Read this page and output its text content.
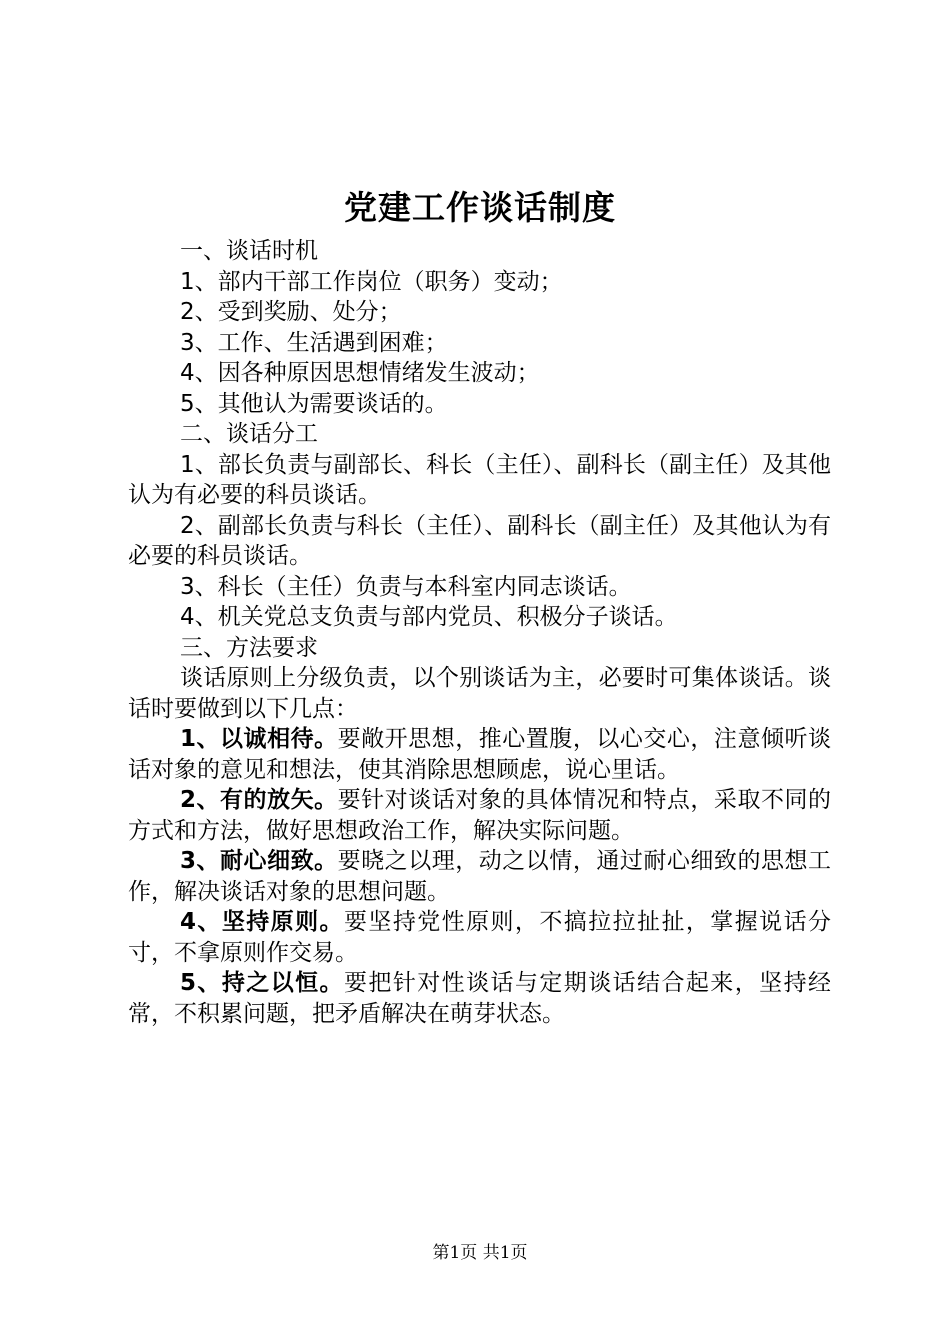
党建工作谈话制度

一、谈话时机

1、部内干部工作岗位（职务）变动；

2、受到奖励、处分；

3、工作、生活遇到困难；

4、因各种原因思想情绪发生波动；

5、其他认为需要谈话的。

二、谈话分工

1、部长负责与副部长、科长（主任）、副科长（副主任）及其他认为有必要的科员谈话。

2、副部长负责与科长（主任）、副科长（副主任）及其他认为有必要的科员谈话。

3、科长（主任）负责与本科室内同志谈话。

4、机关党总支负责与部内党员、积极分子谈话。

三、方法要求

谈话原则上分级负责，以个别谈话为主，必要时可集体谈话。谈话时要做到以下几点：

1、以诚相待。要敞开思想，推心置腹，以心交心，注意倾听谈话对象的意见和想法，使其消除思想顾虑，说心里话。

2、有的放矢。要针对谈话对象的具体情况和特点，采取不同的方式和方法，做好思想政治工作，解决实际问题。

3、耐心细致。要晓之以理，动之以情，通过耐心细致的思想工作，解决谈话对象的思想问题。

4、坚持原则。要坚持党性原则，不搞拉拉扯扯，掌握说话分寸，不拿原则作交易。

5、持之以恒。要把针对性谈话与定期谈话结合起来，坚持经常，不积累问题，把矛盾解决在萌芽状态。

第1页 共1页
